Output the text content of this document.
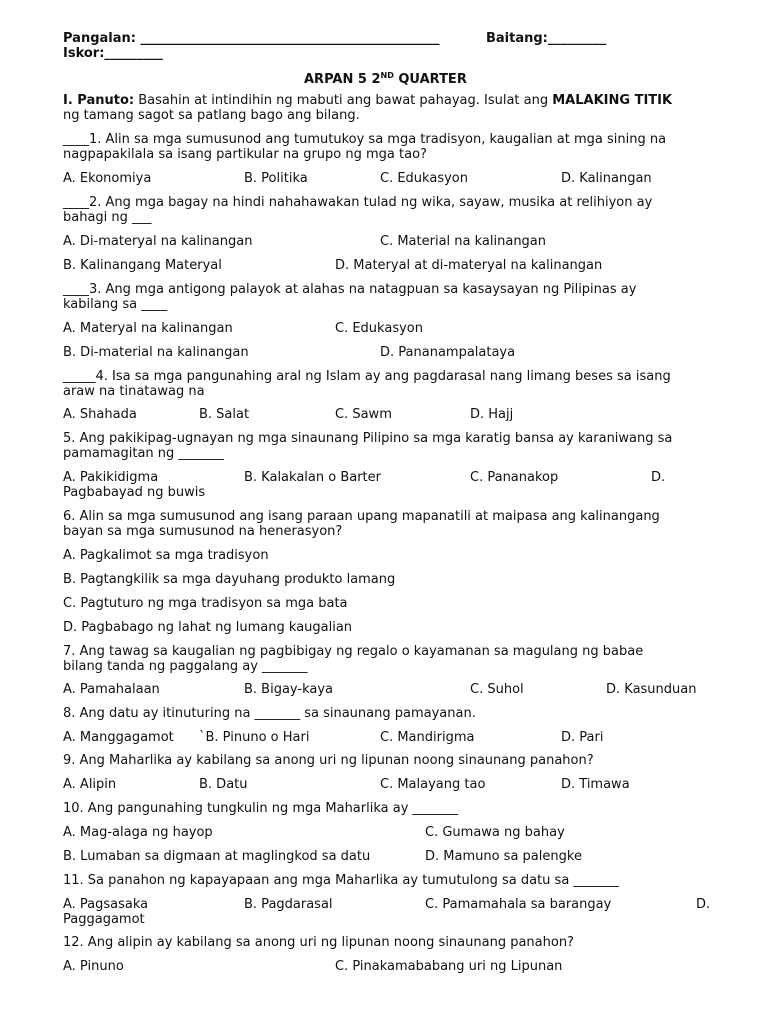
Pangalan: ______________________________________________	Baitang:_________
Iskor:_________
ARPAN 5 2ND QUARTER
I. Panuto: Basahin at intindihin ng mabuti ang bawat pahayag. Isulat ang MALAKING TITIK
ng tamang sagot sa patlang bago ang bilang.
____1. Alin sa mga sumusunod ang tumutukoy sa mga tradisyon, kaugalian at mga sining na
nagpapakilala sa isang partikular na grupo ng mga tao?
A. Ekonomiya	B. Politika	C. Edukasyon	D. Kalinangan
____2. Ang mga bagay na hindi nahahawakan tulad ng wika, sayaw, musika at relihiyon ay
bahagi ng ___
A. Di-materyal na kalinangan	C. Material na kalinangan
B. Kalinangang Materyal	D. Materyal at di-materyal na kalinangan
____3. Ang mga antigong palayok at alahas na natagpuan sa kasaysayan ng Pilipinas ay
kabilang sa ____
A. Materyal na kalinangan	C. Edukasyon
B. Di-material na kalinangan	D. Pananampalataya
_____4. Isa sa mga pangunahing aral ng Islam ay ang pagdarasal nang limang beses sa isang
araw na tinatawag na
A. Shahada	B. Salat	C. Sawm	D. Hajj
5. Ang pakikipag-ugnayan ng mga sinaunang Pilipino sa mga karatig bansa ay karaniwang sa
pamamagitan ng _______
A. Pakikidigma	B. Kalakalan o Barter	C. Pananakop	D.
Pagbabayad ng buwis
6. Alin sa mga sumusunod ang isang paraan upang mapanatili at maipasa ang kalinangang
bayan sa mga sumusunod na henerasyon?
A. Pagkalimot sa mga tradisyon
B. Pagtangkilik sa mga dayuhang produkto lamang
C. Pagtuturo ng mga tradisyon sa mga bata
D. Pagbabago ng lahat ng lumang kaugalian
7. Ang tawag sa kaugalian ng pagbibigay ng regalo o kayamanan sa magulang ng babae
bilang tanda ng paggalang ay _______
A. Pamahalaan	B. Bigay-kaya	C. Suhol	D. Kasunduan
8. Ang datu ay itinuturing na _______ sa sinaunang pamayanan.
A. Manggagamot `B. Pinuno o Hari	C. Mandirigma	D. Pari
9. Ang Maharlika ay kabilang sa anong uri ng lipunan noong sinaunang panahon?
A. Alipin	B. Datu	C. Malayang tao	D. Timawa
10. Ang pangunahing tungkulin ng mga Maharlika ay _______
A. Mag-alaga ng hayop	C. Gumawa ng bahay
B. Lumaban sa digmaan at maglingkod sa datu	D. Mamuno sa palengke
11. Sa panahon ng kapayapaan ang mga Maharlika ay tumutulong sa datu sa _______
A. Pagsasaka	B. Pagdarasal	C. Pamamahala sa barangay	D.
Paggagamot
12. Ang alipin ay kabilang sa anong uri ng lipunan noong sinaunang panahon?
A. Pinuno	C. Pinakamababang uri ng Lipunan
